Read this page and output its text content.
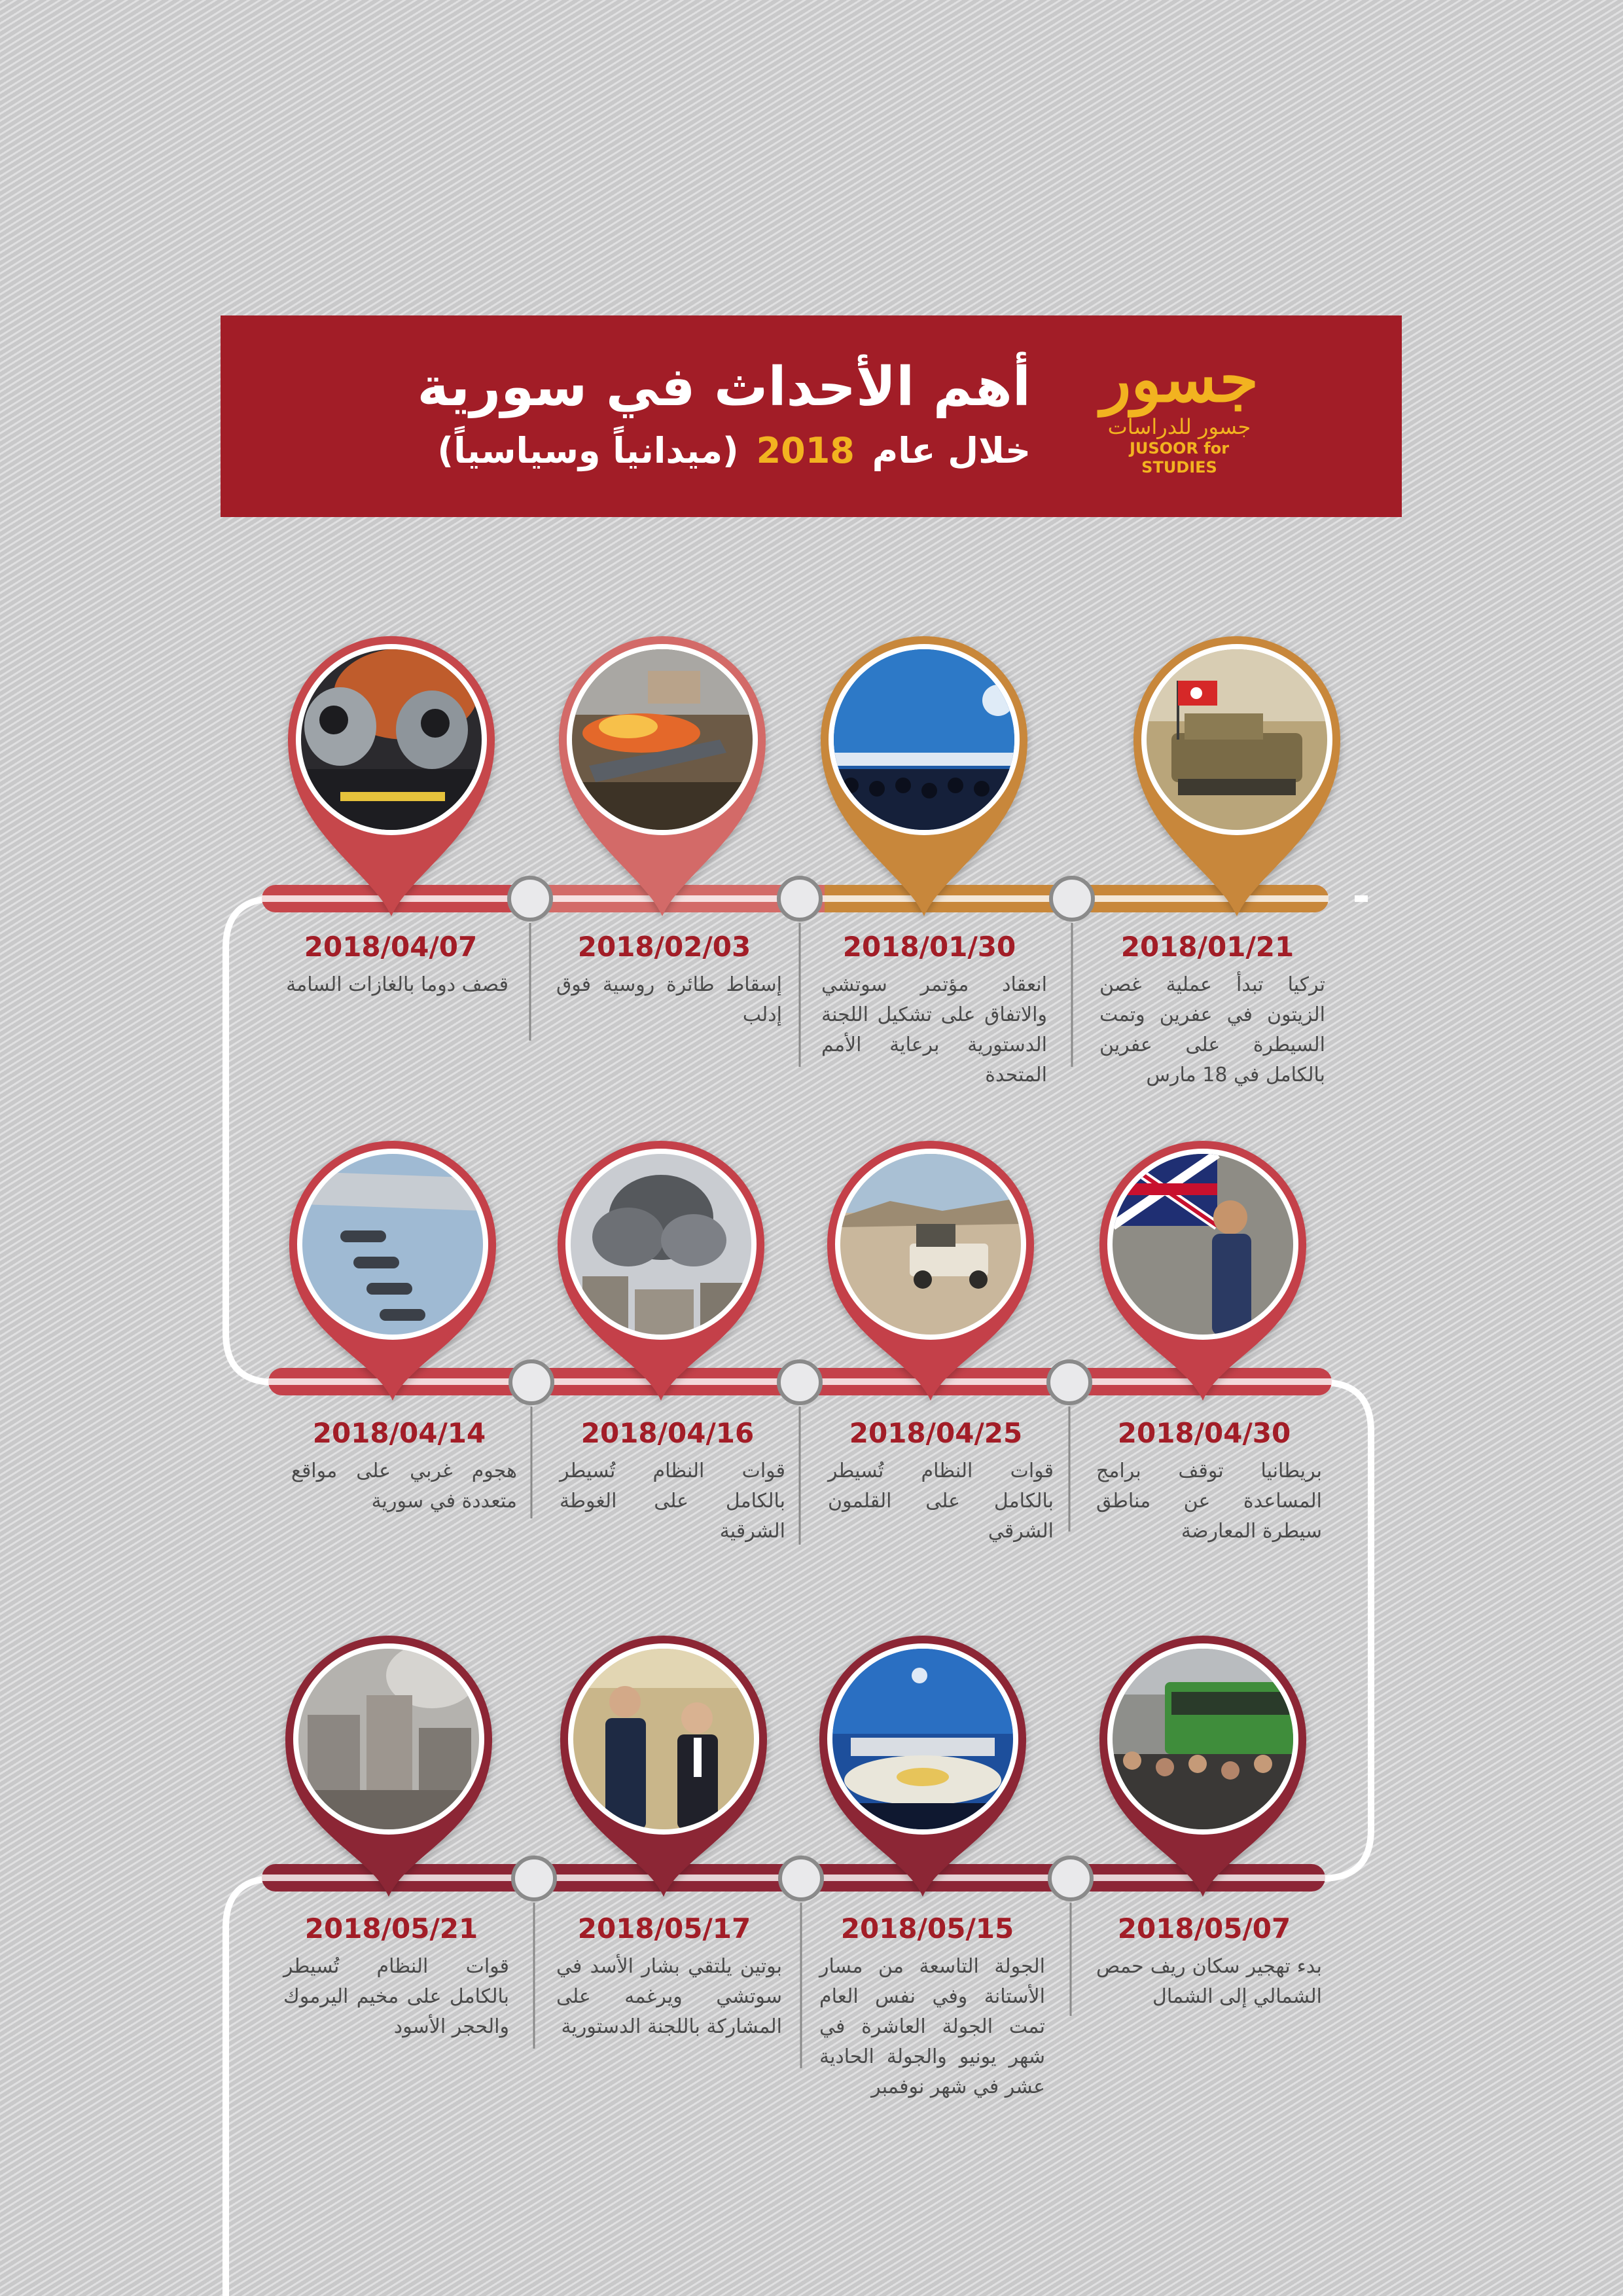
أهم الأحداث في سورية
خلال عام 2018 (ميدانياً وسياسياً)
جسور
جسور للدراسات
JUSOOR for STUDIES
2018/01/21
تركيا تبدأ عملية غصن الزيتون في عفرين وتمت السيطرة على عفرين بالكامل في 18 مارس
2018/01/30
انعقاد مؤتمر سوتشي والاتفاق على تشكيل اللجنة الدستورية برعاية الأمم المتحدة
2018/02/03
إسقاط طائرة روسية فوق إدلب
2018/04/07
قصف دوما بالغازات السامة
2018/04/30
بريطانيا توقف برامج المساعدة عن مناطق سيطرة المعارضة
2018/04/25
قوات النظام تُسيطر بالكامل على القلمون الشرقي
2018/04/16
قوات النظام تُسيطر بالكامل على الغوطة الشرقية
2018/04/14
هجوم غربي على مواقع متعددة في سورية
2018/05/07
بدء تهجير سكان ريف حمص الشمالي إلى الشمال
2018/05/15
الجولة التاسعة من مسار الأستانة وفي نفس العام تمت الجولة العاشرة في شهر يونيو والجولة الحادية عشر في شهر نوفمبر
2018/05/17
بوتين يلتقي بشار الأسد في سوتشي ويرغمه على المشاركة باللجنة الدستورية
2018/05/21
قوات النظام تُسيطر بالكامل على مخيم اليرموك والحجر الأسود
